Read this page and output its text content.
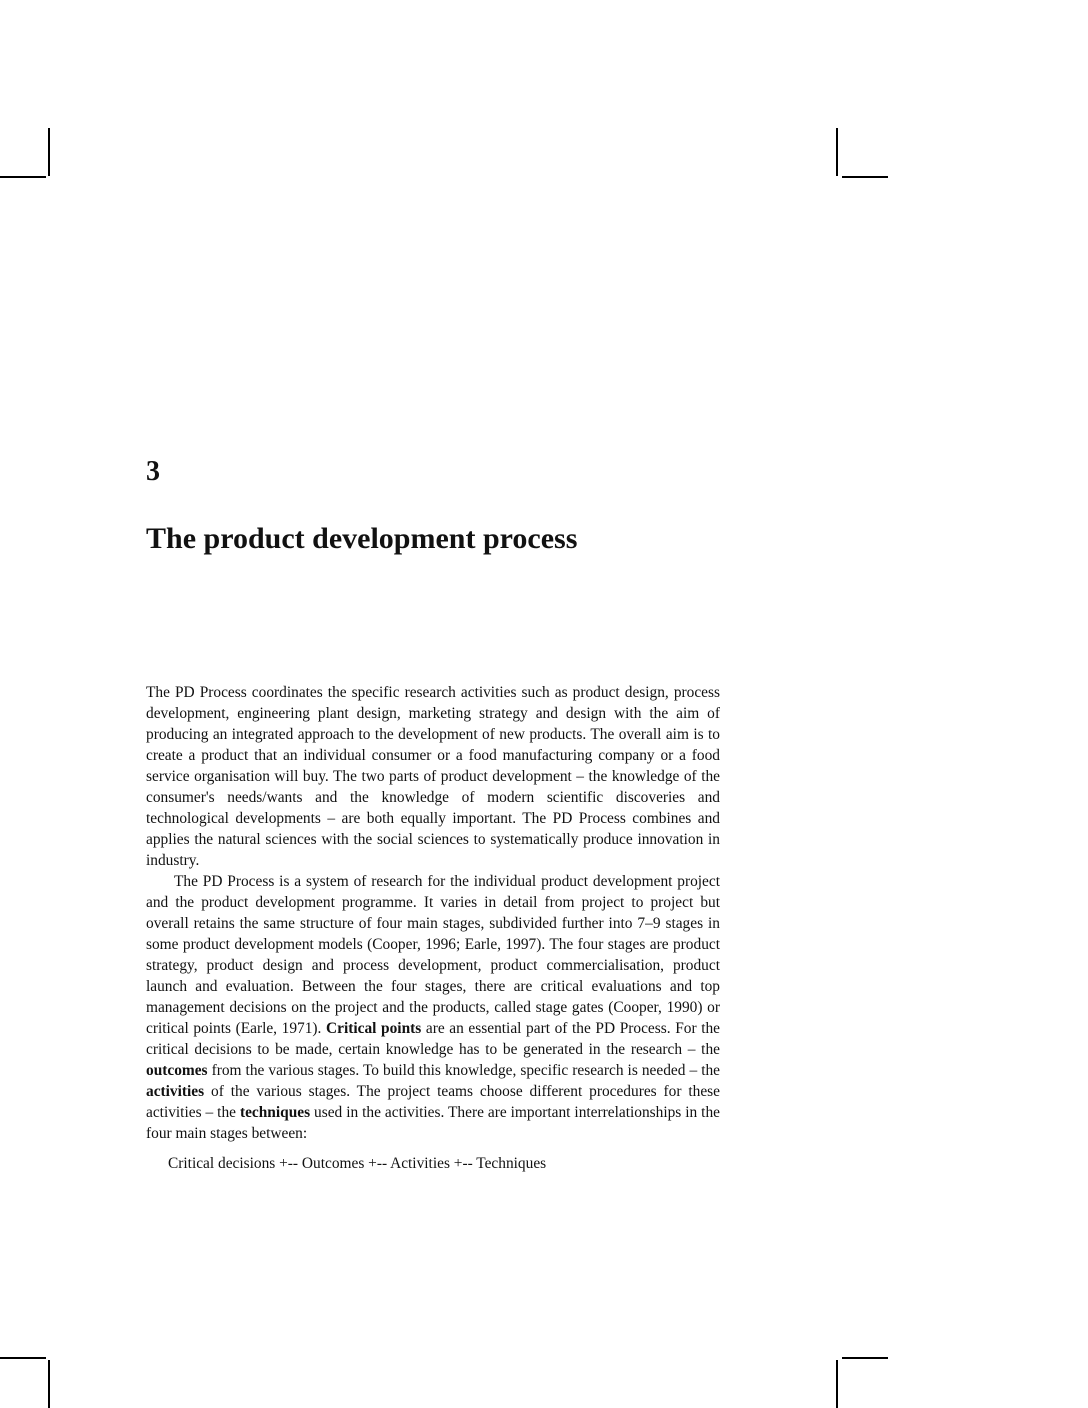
3
The product development process

The PD Process coordinates the specific research activities such as product design, process development, engineering plant design, marketing strategy and design with the aim of producing an integrated approach to the development of new products. The overall aim is to create a product that an individual consumer or a food manufacturing company or a food service organisation will buy. The two parts of product development – the knowledge of the consumer's needs/wants and the knowledge of modern scientific discoveries and technological developments – are both equally important. The PD Process combines and applies the natural sciences with the social sciences to systematically produce innovation in industry.

The PD Process is a system of research for the individual product development project and the product development programme. It varies in detail from project to project but overall retains the same structure of four main stages, subdivided further into 7–9 stages in some product development models (Cooper, 1996; Earle, 1997). The four stages are product strategy, product design and process development, product commercialisation, product launch and evaluation. Between the four stages, there are critical evaluations and top management decisions on the project and the products, called stage gates (Cooper, 1990) or critical points (Earle, 1971). Critical points are an essential part of the PD Process. For the critical decisions to be made, certain knowledge has to be generated in the research – the outcomes from the various stages. To build this knowledge, specific research is needed – the activities of the various stages. The project teams choose different procedures for these activities – the techniques used in the activities. There are important interrelationships in the four main stages between:

Critical decisions +-- Outcomes +-- Activities +-- Techniques
